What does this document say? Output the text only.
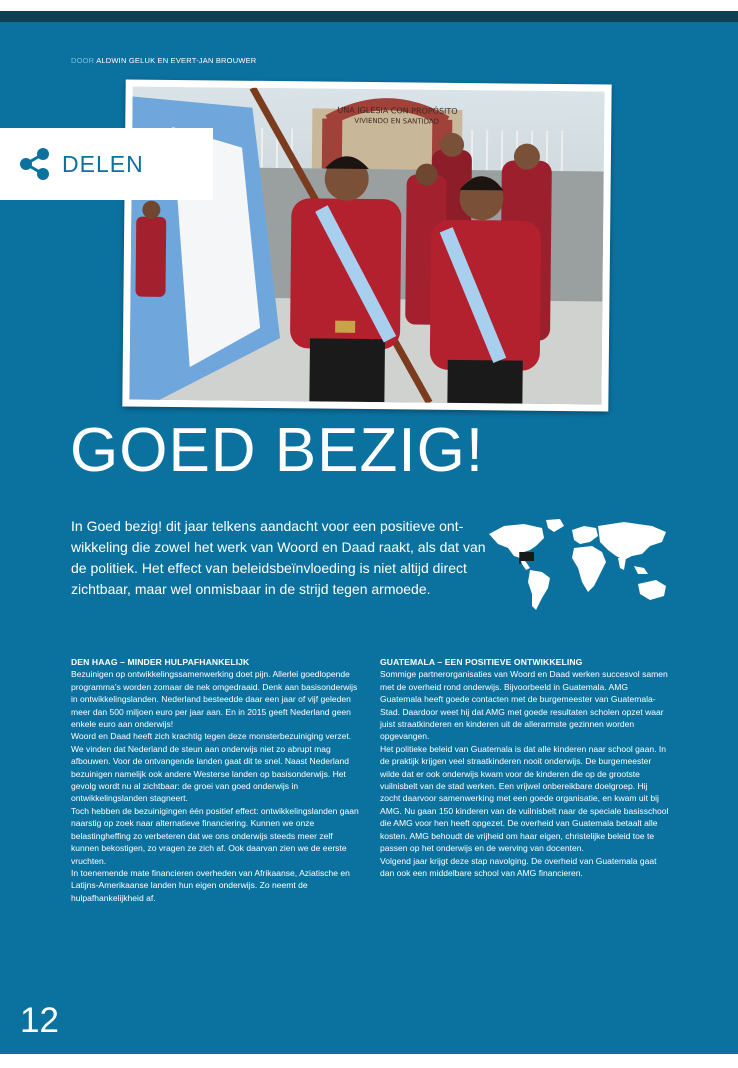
DOOR ALDWIN GELUK EN EVERT-JAN BROUWER
UNA IGLESIA CON PROPÓSITO
VIVIENDO EN SANTIDAD
DELEN
GOED BEZIG!

In Goed bezig! dit jaar telkens aandacht voor een positieve ont-wikkeling die zowel het werk van Woord en Daad raakt, als dat van de politiek. Het effect van beleidsbeïnvloeding is niet altijd direct zichtbaar, maar wel onmisbaar in de strijd tegen armoede.

DEN HAAG – MINDER HULPAFHANKELIJK

Bezuinigen op ontwikkelingssamenwerking doet pijn. Allerlei goedlopende programma’s worden zomaar de nek omgedraaid. Denk aan basisonderwijs in ontwikkelingslanden. Nederland besteedde daar een jaar of vijf geleden meer dan 500 miljoen euro per jaar aan. En in 2015 geeft Nederland geen enkele euro aan onderwijs!

Woord en Daad heeft zich krachtig tegen deze monsterbezuiniging verzet. We vinden dat Nederland de steun aan onderwijs niet zo abrupt mag afbouwen. Voor de ontvangende landen gaat dit te snel. Naast Nederland bezuinigen namelijk ook andere Westerse landen op basisonderwijs. Het gevolg wordt nu al zichtbaar: de groei van goed onderwijs in ontwikkelingslanden stagneert.

Toch hebben de bezuinigingen één positief effect: ontwikkelingslanden gaan naarstig op zoek naar alternatieve financiering. Kunnen we onze belastingheffing zo verbeteren dat we ons onderwijs steeds meer zelf kunnen bekostigen, zo vragen ze zich af. Ook daarvan zien we de eerste vruchten.

In toenemende mate financieren overheden van Afrikaanse, Aziatische en Latijns-Amerikaanse landen hun eigen onderwijs. Zo neemt de hulpafhankelijkheid af.

GUATEMALA – EEN POSITIEVE ONTWIKKELING

Sommige partnerorganisaties van Woord en Daad werken succesvol samen met de overheid rond onderwijs. Bijvoorbeeld in Guatemala. AMG Guatemala heeft goede contacten met de burgemeester van Guatemala-Stad. Daardoor weet hij dat AMG met goede resultaten scholen opzet waar juist straatkinderen en kinderen uit de allerarmste gezinnen worden opgevangen.

Het politieke beleid van Guatemala is dat alle kinderen naar school gaan. In de praktijk krijgen veel straatkinderen nooit onderwijs. De burgemeester wilde dat er ook onderwijs kwam voor de kinderen die op de grootste vuilnisbelt van de stad werken. Een vrijwel onbereikbare doelgroep. Hij zocht daarvoor samenwerking met een goede organisatie, en kwam uit bij AMG. Nu gaan 150 kinderen van de vuilnisbelt naar de speciale basisschool die AMG voor hen heeft opgezet. De overheid van Guatemala betaalt alle kosten. AMG behoudt de vrijheid om haar eigen, christelijke beleid toe te passen op het onderwijs en de werving van docenten.

Volgend jaar krijgt deze stap navolging. De overheid van Guatemala gaat dan ook een middelbare school van AMG financieren.

12
